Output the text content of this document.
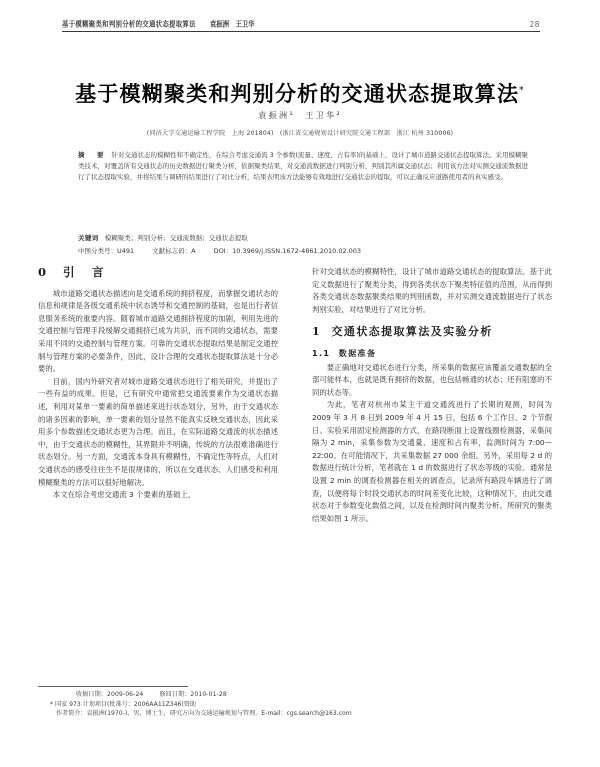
基于模糊聚类和判别分析的交通状态提取算法 袁振洲　王卫华	28
基于模糊聚类和判别分析的交通状态提取算法*
袁振洲¹　王卫华²
(同济大学交通运输工程学院　上海 201804)　(浙江省交通规划设计研究院交通工程部　浙江 杭州 310006)

摘　要 针对交通状态的模糊性和不确定性，在综合考虑交通流 3 个参数(流量、速度、占有率)的基础上，设计了城市道路交通状态提取算法。采用模糊聚类技术，对覆盖所有交通状态的历史数据进行聚类分析，依据聚类结果，对交通流数据进行判别分析，判别其所属交通状态；利用该方法对实测交通流数据进行了状态提取实验，并将结果与调研的结果进行了对比分析，结果表明该方法能够有效地进行交通状态的提取，可以正确反应道路使用者的真实感受。

关键词 模糊聚类；判别分析；交通流数据；交通状态提取
中图分类号：U491	文献标志码：A	DOI：10.3969/j.ISSN.1672-4861.2010.02.003
0 引　言

城市道路交通状态描述向是交通系统的拥挤程度，而掌握交通状态的信息和规律是各级交通系统中状态诱导和交通控制的基础，也是出行者信息服务系统的重要内容。随着城市道路交通拥挤程度的加剧，利用先进的交通控制与管理手段缓解交通拥挤已成为共识，而不同的交通状态，需要采用不同的交通控制与管理方案。可靠的交通状态提取结果是制定交通控制与管理方案的必要条件，因此，设计合理的交通状态提取算法是十分必要的。

目前，国内外研究者对城市道路交通状态进行了相关研究，并提出了一些有益的成果。但是，已有研究中通常把交通流要素作为交通状态描述，利用对某单一要素的简单描述来进行状态划分，另外，由于交通状态的诸多因素的影响，单一要素的划分显然不能真实反映交通状态，因此采用多个参数描述交通状态更为合理。而且，在实际道路交通流的状态描述中，由于交通状态的模糊性，其界限并不明确，传统的方法很难准确进行状态划分。另一方面，交通流本身具有模糊性，不确定性等特点，人们对交通状态的感受往往生不是很规律的，所以在交通状态、人们感受和利用模糊聚类的方法可以很好地解决。

本文在综合考虑交通流 3 个要素的基础上，

针对交通状态的模糊特性，设计了城市道路交通状态的提取算法。基于此定义数据进行了聚类分类，得到各类状态下聚类特征值的范围，从而得到各类交通状态数据聚类结果的判别函数，并对实测交通流数据进行了状态判别实验，对结果进行了对比分析。

1 交通状态提取算法及实验分析
1.1 数据准备

要正确地对交通状态进行分类，所采集的数据应该覆盖交通数据的全部可能样本，也就是既有拥挤的数据，也包括畅通的状态；还有阻塞的不同的状态等。

为此，笔者对杭州市某主干道交通流进行了长期的观测，时间为 2009 年 3 月 8 日到 2009 年 4 月 15 日，包括 6 个工作日、2 个节假日。实验采用固定检测器的方式，在路段断面上设置线圈检测器，采集间隔为 2 min，采集参数为交通量、速度和占有率，监测时间为 7:00—22:00。在可能情况下，共采集数据 27 000 余组。另外，采用每 2 d 的数据进行统计分析，笔者就在 1 d 的数据进行了状态等级的实验。通常是设置 2 min 的调查检测器在相关的调查点，记录所有路段车辆进行了调查，以便将每个时段交通状态的时间差变化比较，这种情况下，由此交通状态对于参数变化数值之间，以及在检测时间内聚类分析。所研究的聚类结果如图 1 所示。

收稿日期：2009-06-24	修回日期：2010-01-28
* 国家 973 计划项目(批准号：2006AA11Z346)资助
作者简介：袁振洲(1970-)，男，博士生，研究方向为交通运输规划与管理。E-mail：cgs.search@163.com
